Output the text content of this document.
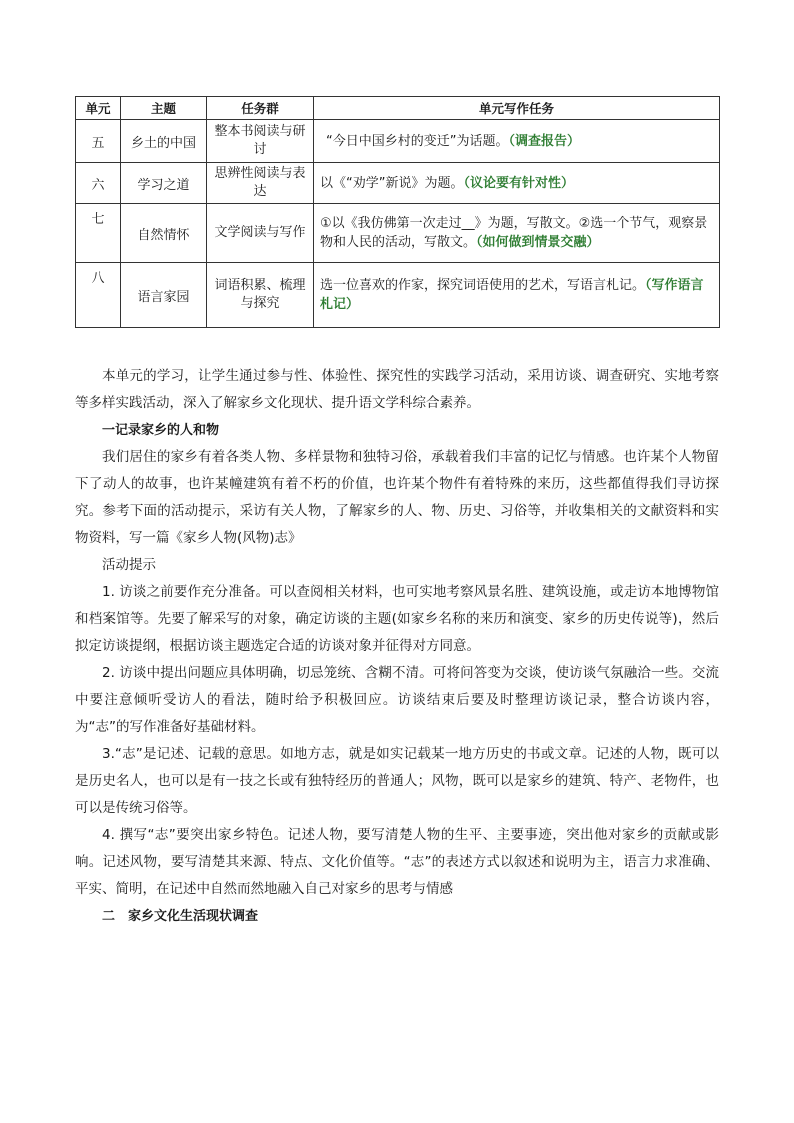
单元	主题	任务群	单元写作任务
五	乡土的中国	整本书阅读与研讨	“今日中国乡村的变迁”为话题。（调查报告）
六	学习之道	思辨性阅读与表达	以《“劝学”新说》为题。（议论要有针对性）
七	自然情怀	文学阅读与写作	①以《我仿佛第一次走过__》为题，写散文。②选一个节气，观察景物和人民的活动，写散文。（如何做到情景交融）
八	语言家园	词语积累、梳理与探究	选一位喜欢的作家，探究词语使用的艺术，写语言札记。（写作语言札记）

本单元的学习，让学生通过参与性、体验性、探究性的实践学习活动，采用访谈、调查研究、实地考察等多样实践活动，深入了解家乡文化现状、提升语文学科综合素养。

一记录家乡的人和物

我们居住的家乡有着各类人物、多样景物和独特习俗，承载着我们丰富的记忆与情感。也许某个人物留下了动人的故事，也许某幢建筑有着不朽的价值，也许某个物件有着特殊的来历，这些都值得我们寻访探究。参考下面的活动提示，采访有关人物，了解家乡的人、物、历史、习俗等，并收集相关的文献资料和实物资料，写一篇《家乡人物(风物)志》

活动提示

1. 访谈之前要作充分准备。可以查阅相关材料，也可实地考察风景名胜、建筑设施，或走访本地博物馆和档案馆等。先要了解采写的对象，确定访谈的主题(如家乡名称的来历和演变、家乡的历史传说等)，然后拟定访谈提纲，根据访谈主题选定合适的访谈对象并征得对方同意。

2. 访谈中提出问题应具体明确，切忌笼统、含糊不清。可将问答变为交谈，使访谈气氛融洽一些。交流中要注意倾听受访人的看法，随时给予积极回应。访谈结束后要及时整理访谈记录，整合访谈内容，为“志”的写作准备好基础材料。

3.“志”是记述、记载的意思。如地方志，就是如实记载某一地方历史的书或文章。记述的人物，既可以是历史名人，也可以是有一技之长或有独特经历的普通人；风物，既可以是家乡的建筑、特产、老物件，也可以是传统习俗等。

4. 撰写“志”要突出家乡特色。记述人物，要写清楚人物的生平、主要事迹，突出他对家乡的贡献或影响。记述风物，要写清楚其来源、特点、文化价值等。“志”的表述方式以叙述和说明为主，语言力求准确、平实、简明，在记述中自然而然地融入自己对家乡的思考与情感

二　家乡文化生活现状调查
